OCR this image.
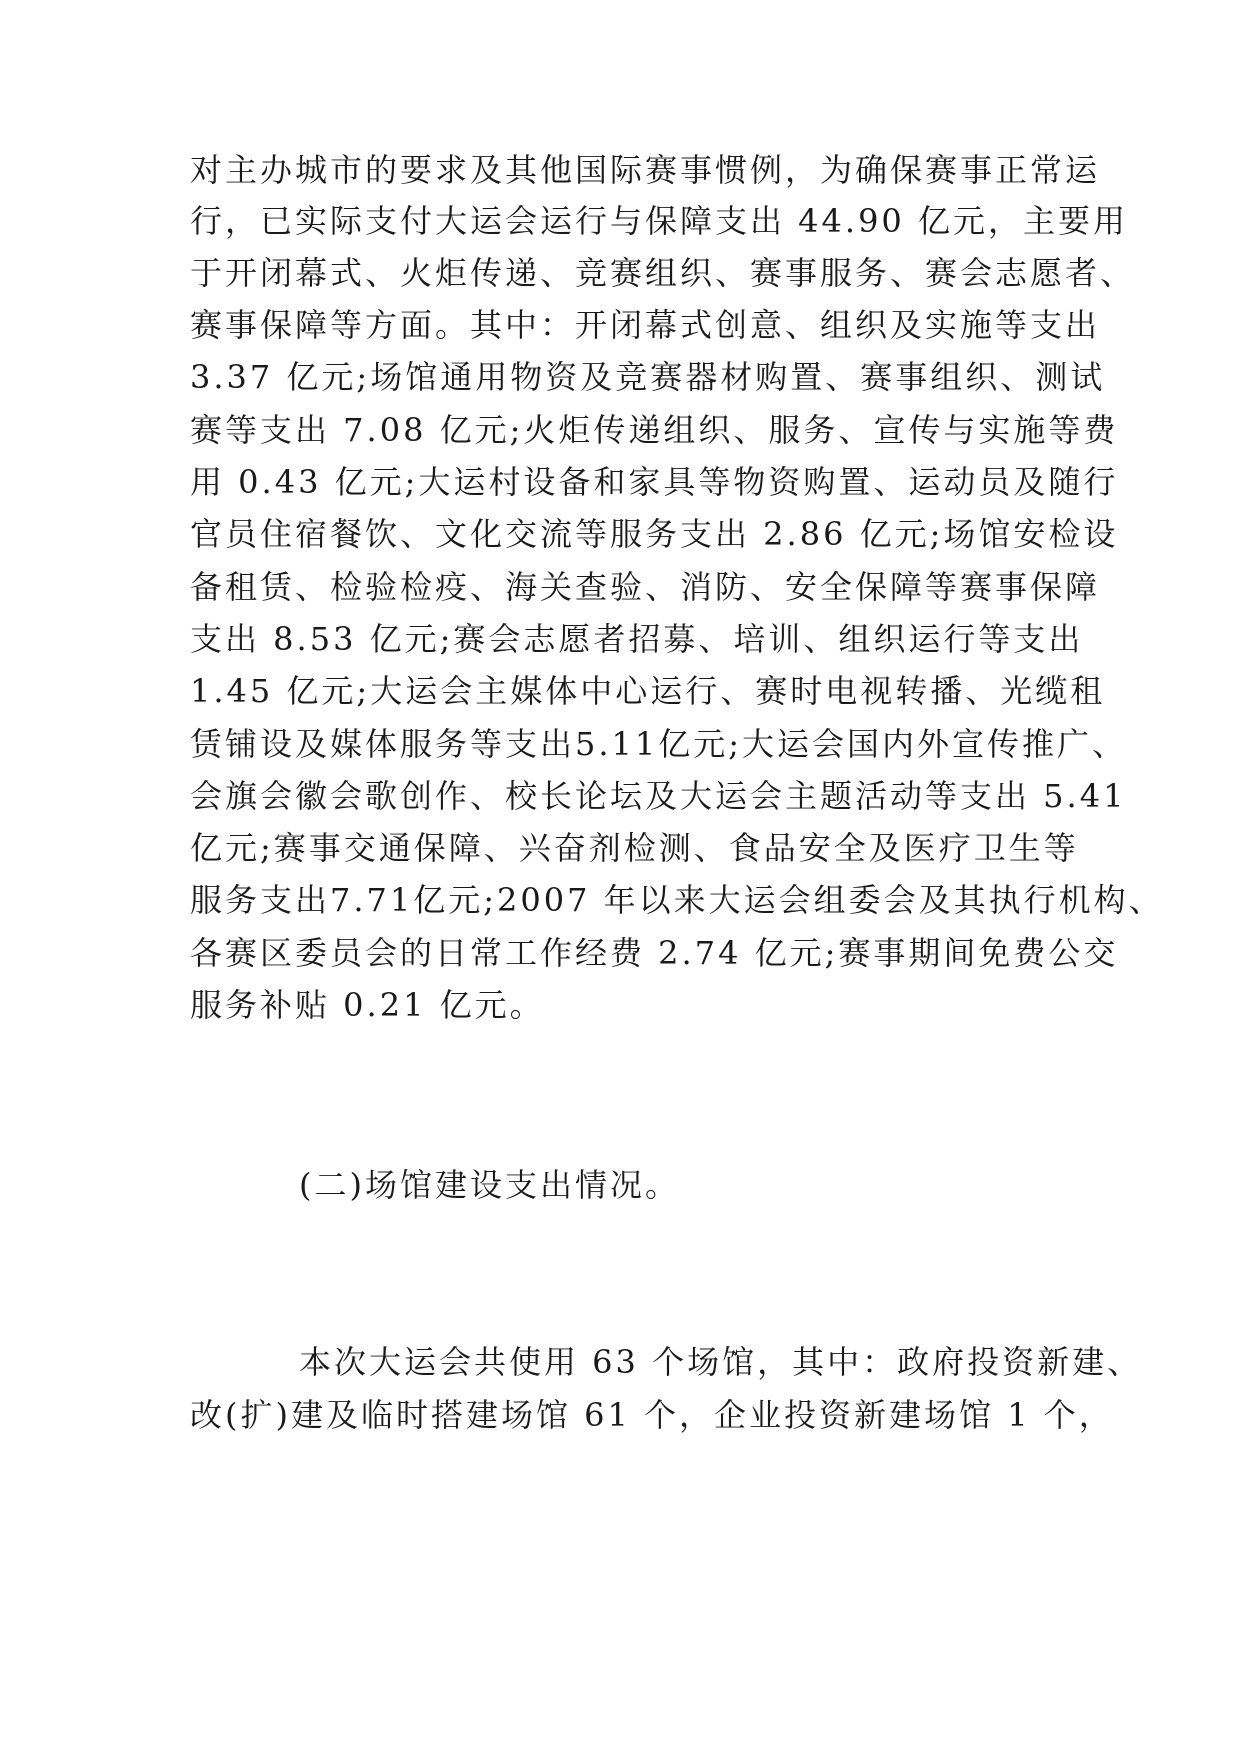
对主办城市的要求及其他国际赛事惯例，为确保赛事正常运
行，已实际支付大运会运行与保障支出 44.90 亿元，主要用
于开闭幕式、火炬传递、竞赛组织、赛事服务、赛会志愿者、
赛事保障等方面。其中：开闭幕式创意、组织及实施等支出
3.37 亿元;场馆通用物资及竞赛器材购置、赛事组织、测试
赛等支出 7.08 亿元;火炬传递组织、服务、宣传与实施等费
用 0.43 亿元;大运村设备和家具等物资购置、运动员及随行
官员住宿餐饮、文化交流等服务支出 2.86 亿元;场馆安检设
备租赁、检验检疫、海关查验、消防、安全保障等赛事保障
支出 8.53 亿元;赛会志愿者招募、培训、组织运行等支出
1.45 亿元;大运会主媒体中心运行、赛时电视转播、光缆租
赁铺设及媒体服务等支出5.11亿元;大运会国内外宣传推广、
会旗会徽会歌创作、校长论坛及大运会主题活动等支出 5.41
亿元;赛事交通保障、兴奋剂检测、食品安全及医疗卫生等
服务支出7.71亿元;2007 年以来大运会组委会及其执行机构、
各赛区委员会的日常工作经费 2.74 亿元;赛事期间免费公交
服务补贴 0.21 亿元。
(二)场馆建设支出情况。
本次大运会共使用 63 个场馆，其中：政府投资新建、
改(扩)建及临时搭建场馆 61 个，企业投资新建场馆 1 个，
